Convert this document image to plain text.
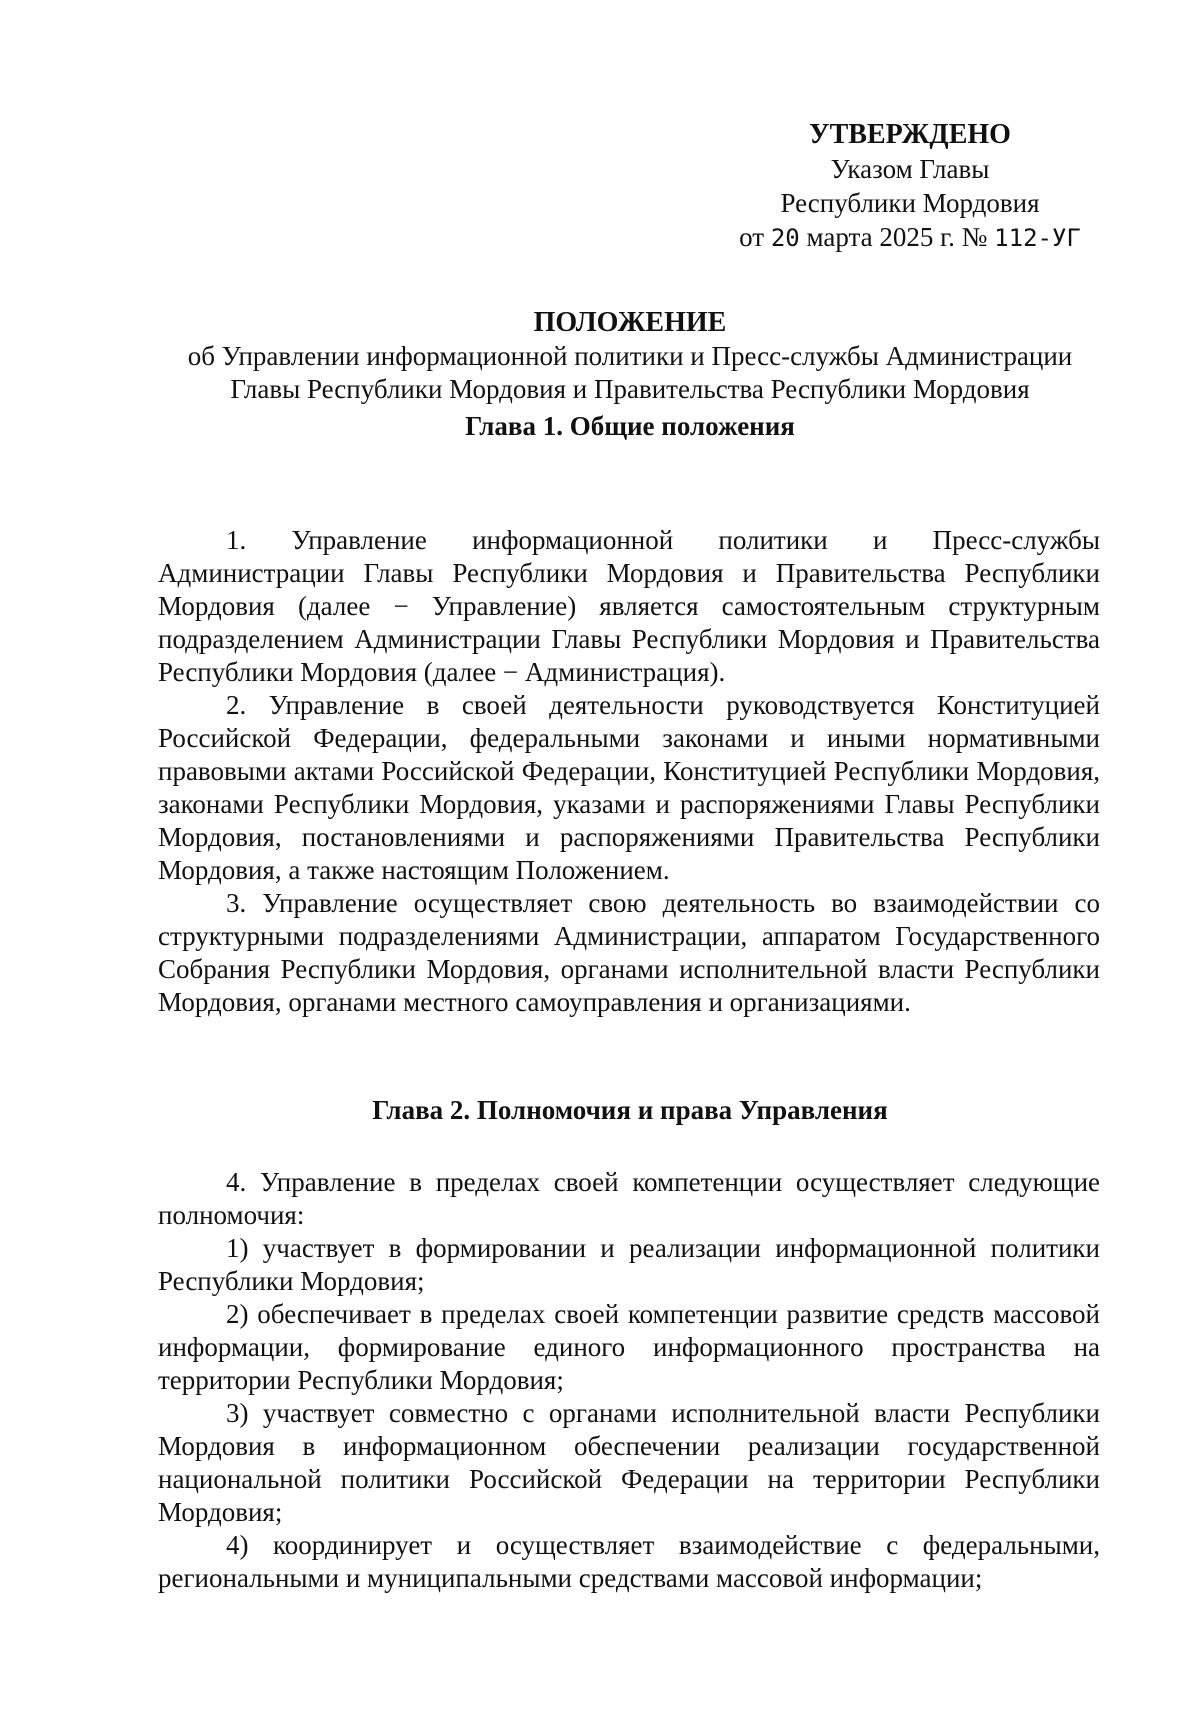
УТВЕРЖДЕНО
Указом Главы
Республики Мордовия
от 20 марта 2025 г. № 112-УГ
ПОЛОЖЕНИЕ
об Управлении информационной политики и Пресс-службы Администрации
Главы Республики Мордовия и Правительства Республики Мордовия
Глава 1. Общие положения

1. Управление информационной политики и Пресс-службы Администрации Главы Республики Мордовия и Правительства Республики Мордовия (далее − Управление) является самостоятельным структурным подразделением Администрации Главы Республики Мордовия и Правительства Республики Мордовия (далее − Администрация).

2. Управление в своей деятельности руководствуется Конституцией Российской Федерации, федеральными законами и иными нормативными правовыми актами Российской Федерации, Конституцией Республики Мордовия, законами Республики Мордовия, указами и распоряжениями Главы Республики Мордовия, постановлениями и распоряжениями Правительства Республики Мордовия, а также настоящим Положением.

3. Управление осуществляет свою деятельность во взаимодействии со структурными подразделениями Администрации, аппаратом Государственного Собрания Республики Мордовия, органами исполнительной власти Республики Мордовия, органами местного самоуправления и организациями.

Глава 2. Полномочия и права Управления

4. Управление в пределах своей компетенции осуществляет следующие полномочия:

1) участвует в формировании и реализации информационной политики Республики Мордовия;

2) обеспечивает в пределах своей компетенции развитие средств массовой информации, формирование единого информационного пространства на территории Республики Мордовия;

3) участвует совместно с органами исполнительной власти Республики Мордовия в информационном обеспечении реализации государственной национальной политики Российской Федерации на территории Республики Мордовия;

4) координирует и осуществляет взаимодействие с федеральными, региональными и муниципальными средствами массовой информации;
